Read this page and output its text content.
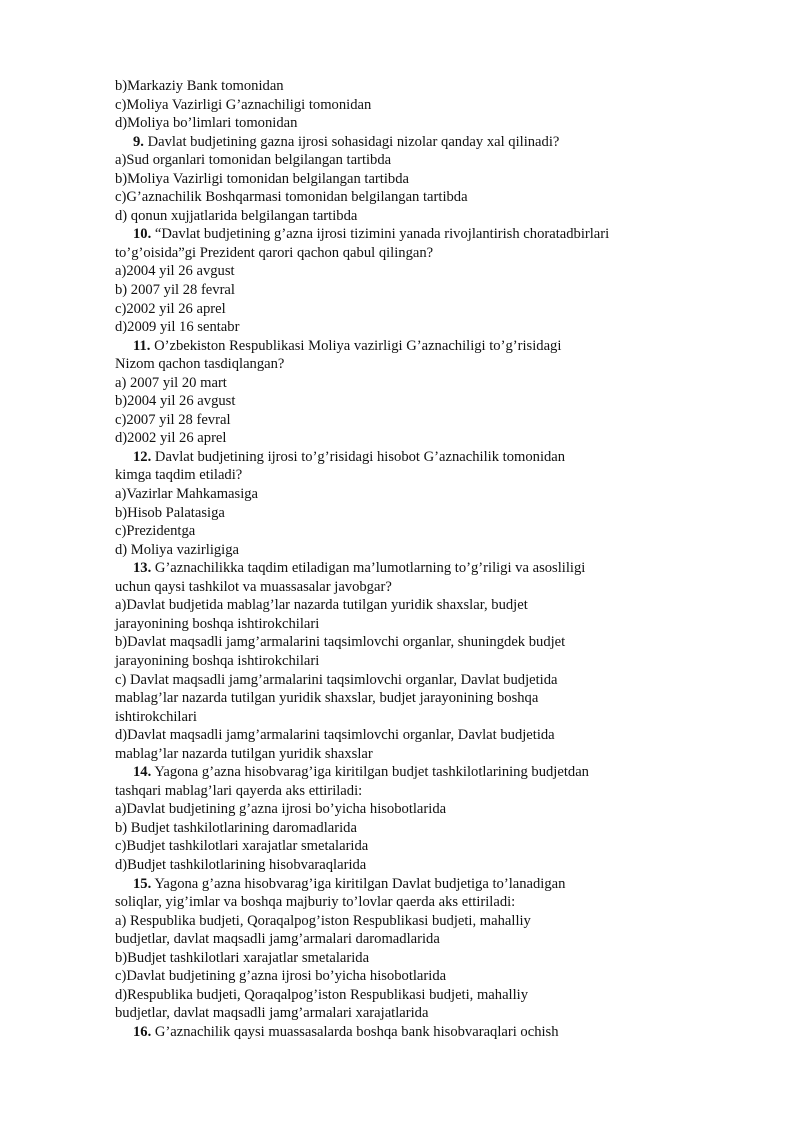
b)Markaziy Bank tomonidan
c)Moliya Vazirligi G’aznachiligi tomonidan
d)Moliya bo’limlari tomonidan
9. Davlat budjetining gazna ijrosi sohasidagi nizolar qanday xal qilinadi?
a)Sud organlari tomonidan belgilangan tartibda
b)Moliya Vazirligi tomonidan belgilangan tartibda
c)G’aznachilik Boshqarmasi tomonidan belgilangan tartibda
d) qonun xujjatlarida belgilangan tartibda
10. “Davlat budjetining g’azna ijrosi tizimini yanada rivojlantirish choratadbirlari
to’g’oisida”gi Prezident qarori qachon qabul qilingan?
a)2004 yil 26 avgust
b) 2007 yil 28 fevral
c)2002 yil 26 aprel
d)2009 yil 16 sentabr
11. O’zbekiston Respublikasi Moliya vazirligi G’aznachiligi to’g’risidagi
Nizom qachon tasdiqlangan?
a) 2007 yil 20 mart
b)2004 yil 26 avgust
c)2007 yil 28 fevral
d)2002 yil 26 aprel
12. Davlat budjetining ijrosi to’g’risidagi hisobot G’aznachilik tomonidan
kimga taqdim etiladi?
a)Vazirlar Mahkamasiga
b)Hisob Palatasiga
c)Prezidentga
d) Moliya vazirligiga
13. G’aznachilikka taqdim etiladigan ma’lumotlarning to’g’riligi va asosliligi
uchun qaysi tashkilot va muassasalar javobgar?
a)Davlat budjetida mablag’lar nazarda tutilgan yuridik shaxslar, budjet
jarayonining boshqa ishtirokchilari
b)Davlat maqsadli jamg’armalarini taqsimlovchi organlar, shuningdek budjet
jarayonining boshqa ishtirokchilari
c) Davlat maqsadli jamg’armalarini taqsimlovchi organlar, Davlat budjetida
mablag’lar nazarda tutilgan yuridik shaxslar, budjet jarayonining boshqa
ishtirokchilari
d)Davlat maqsadli jamg’armalarini taqsimlovchi organlar, Davlat budjetida
mablag’lar nazarda tutilgan yuridik shaxslar
14. Yagona g’azna hisobvarag’iga kiritilgan budjet tashkilotlarining budjetdan
tashqari mablag’lari qayerda aks ettiriladi:
a)Davlat budjetining g’azna ijrosi bo’yicha hisobotlarida
b) Budjet tashkilotlarining daromadlarida
c)Budjet tashkilotlari xarajatlar smetalarida
d)Budjet tashkilotlarining hisobvaraqlarida
15. Yagona g’azna hisobvarag’iga kiritilgan Davlat budjetiga to’lanadigan
soliqlar, yig’imlar va boshqa majburiy to’lovlar qaerda aks ettiriladi:
a) Respublika budjeti, Qoraqalpog’iston Respublikasi budjeti, mahalliy
budjetlar, davlat maqsadli jamg’armalari daromadlarida
b)Budjet tashkilotlari xarajatlar smetalarida
c)Davlat budjetining g’azna ijrosi bo’yicha hisobotlarida
d)Respublika budjeti, Qoraqalpog’iston Respublikasi budjeti, mahalliy
budjetlar, davlat maqsadli jamg’armalari xarajatlarida
16. G’aznachilik qaysi muassasalarda boshqa bank hisobvaraqlari ochish
